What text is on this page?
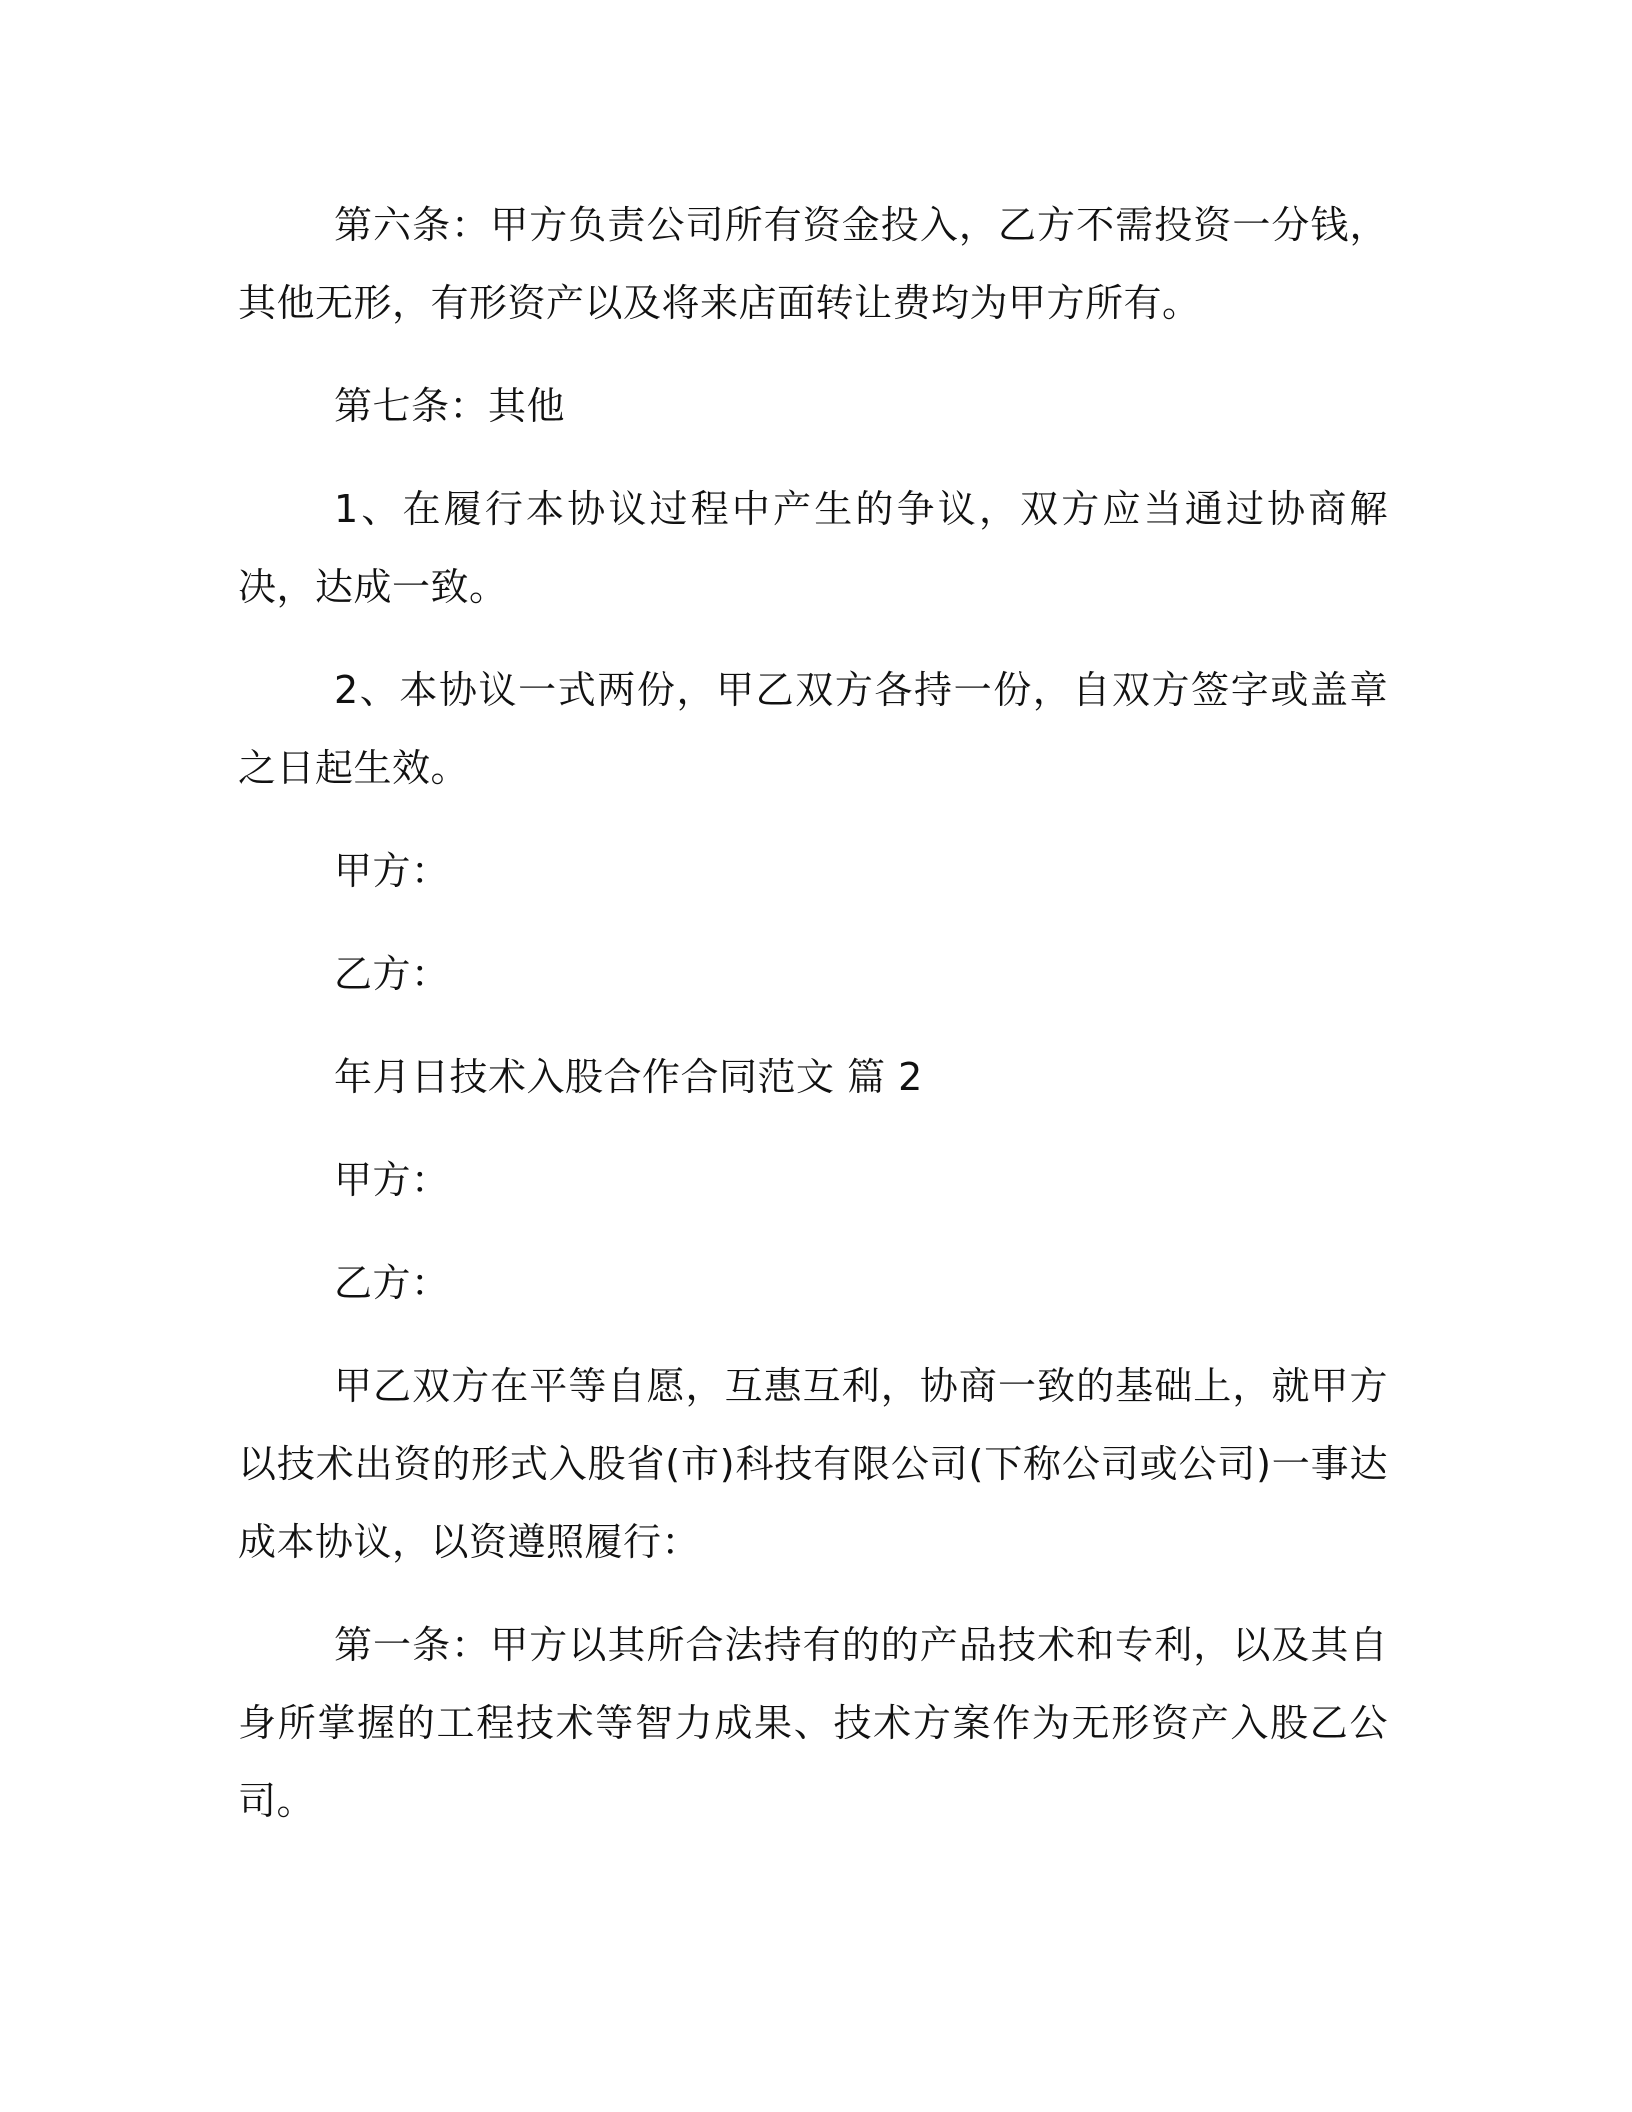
第六条：甲方负责公司所有资金投入，乙方不需投资一分钱，其他无形，有形资产以及将来店面转让费均为甲方所有。

第七条：其他

1、在履行本协议过程中产生的争议，双方应当通过协商解决，达成一致。

2、本协议一式两份，甲乙双方各持一份，自双方签字或盖章之日起生效。

甲方：

乙方：

年月日技术入股合作合同范文 篇 2

甲方：

乙方：

甲乙双方在平等自愿，互惠互利，协商一致的基础上，就甲方以技术出资的形式入股省(市)科技有限公司(下称公司或公司)一事达成本协议，以资遵照履行：

第一条：甲方以其所合法持有的的产品技术和专利，以及其自身所掌握的工程技术等智力成果、技术方案作为无形资产入股乙公司。
